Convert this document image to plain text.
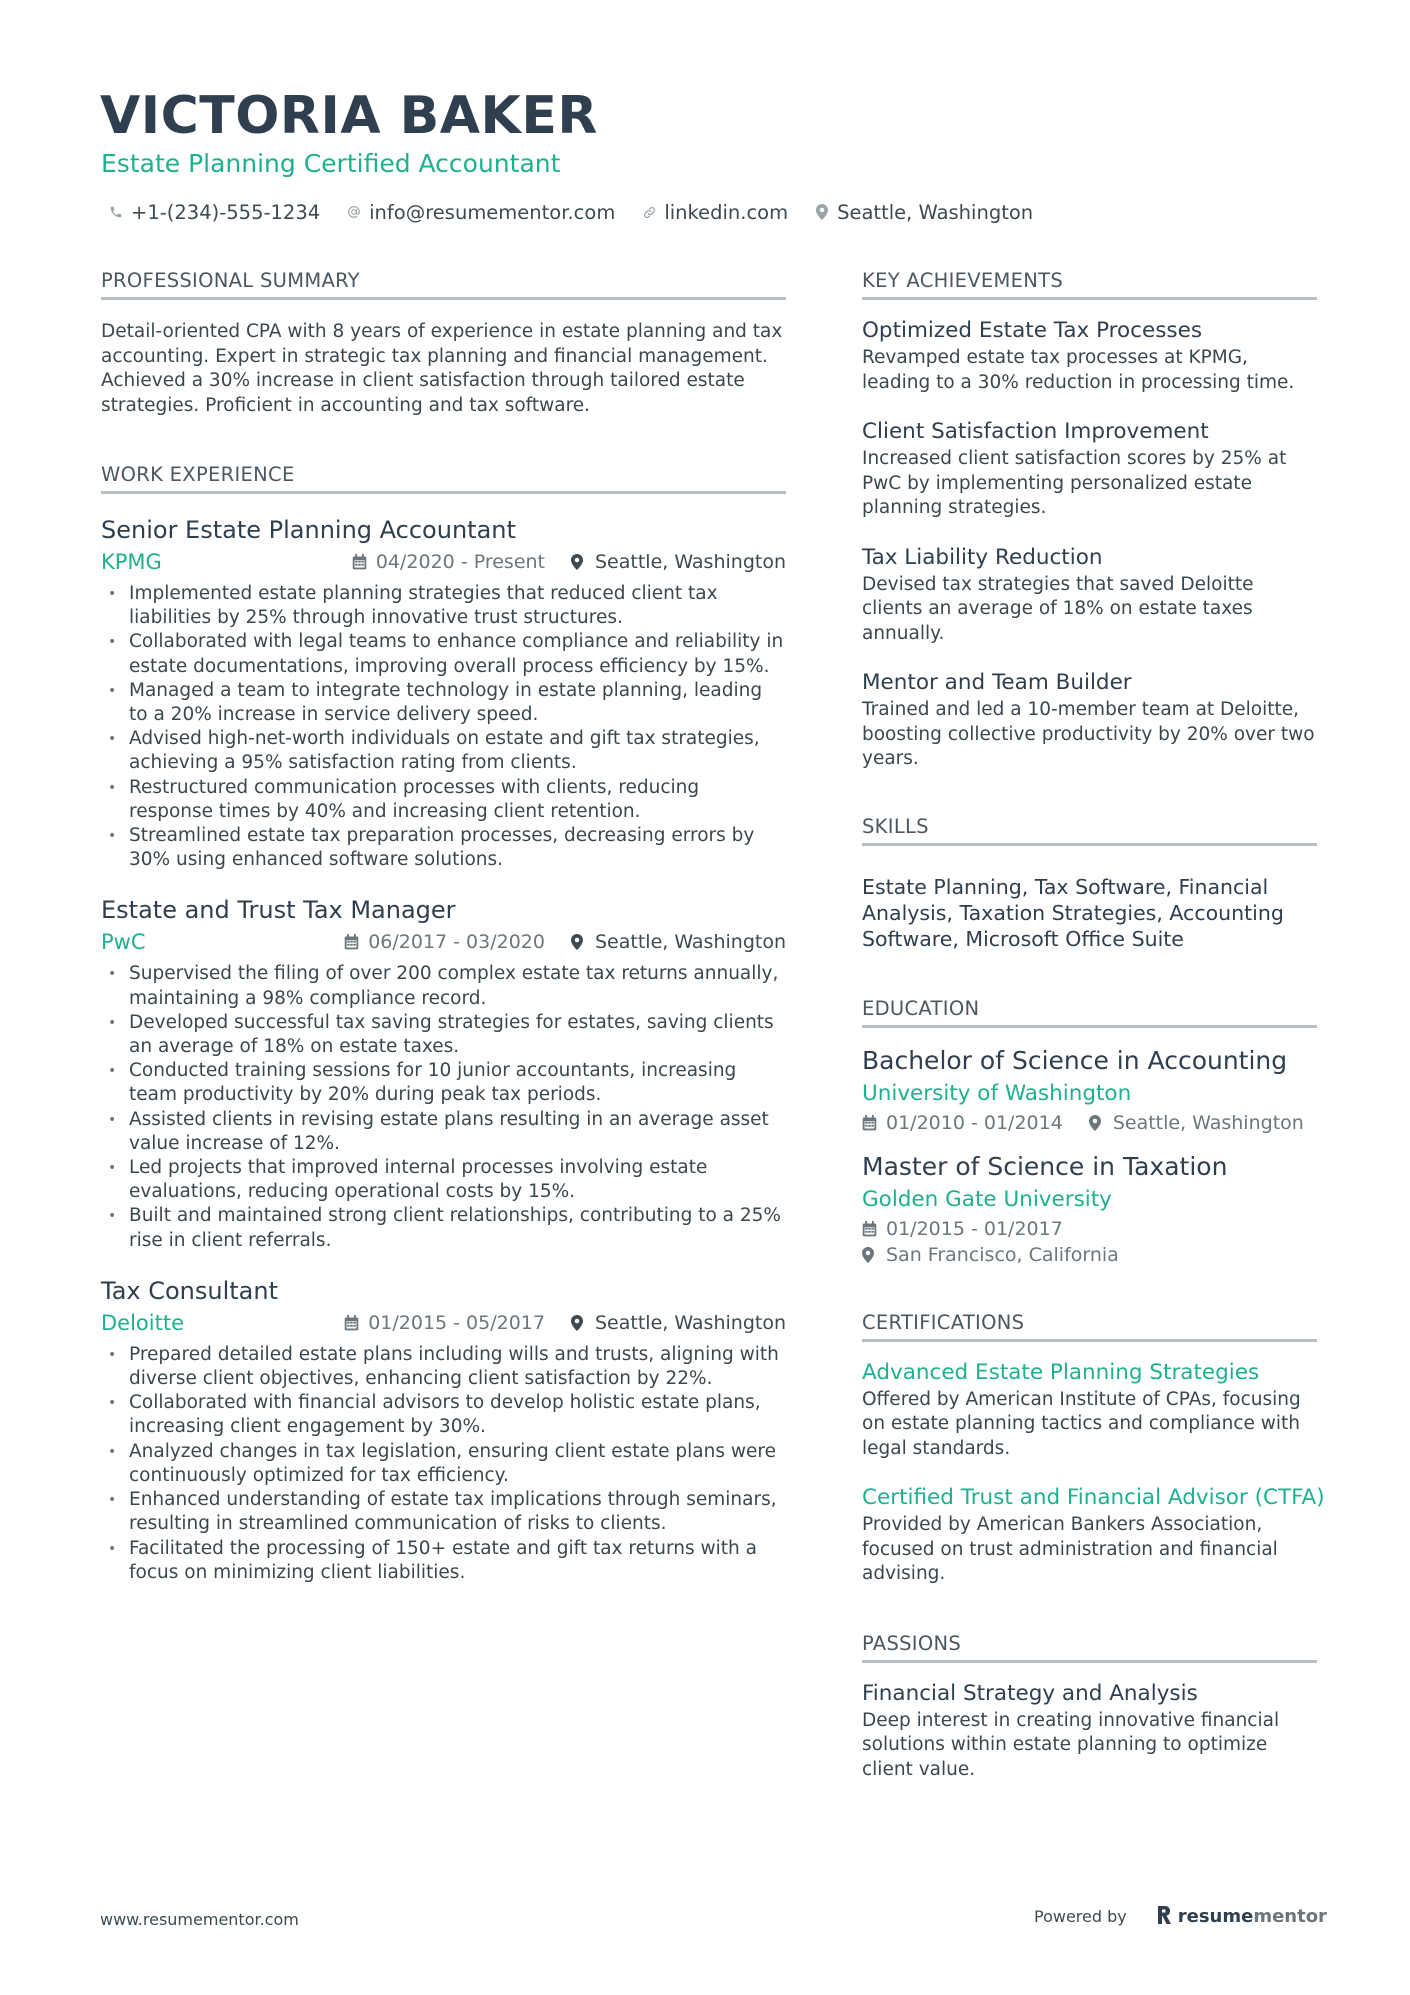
VICTORIA BAKER
Estate Planning Certified Accountant
+1-(234)-555-1234	info@resumementor.com	linkedin.com	Seattle, Washington
PROFESSIONAL SUMMARY
Detail-oriented CPA with 8 years of experience in estate planning and tax accounting. Expert in strategic tax planning and financial management. Achieved a 30% increase in client satisfaction through tailored estate strategies. Proficient in accounting and tax software.
WORK EXPERIENCE
Senior Estate Planning Accountant
KPMG	04/2020 - Present	Seattle, Washington
• Implemented estate planning strategies that reduced client tax liabilities by 25% through innovative trust structures.
• Collaborated with legal teams to enhance compliance and reliability in estate documentations, improving overall process efficiency by 15%.
• Managed a team to integrate technology in estate planning, leading to a 20% increase in service delivery speed.
• Advised high-net-worth individuals on estate and gift tax strategies, achieving a 95% satisfaction rating from clients.
• Restructured communication processes with clients, reducing response times by 40% and increasing client retention.
• Streamlined estate tax preparation processes, decreasing errors by 30% using enhanced software solutions.
Estate and Trust Tax Manager
PwC	06/2017 - 03/2020	Seattle, Washington
• Supervised the filing of over 200 complex estate tax returns annually, maintaining a 98% compliance record.
• Developed successful tax saving strategies for estates, saving clients an average of 18% on estate taxes.
• Conducted training sessions for 10 junior accountants, increasing team productivity by 20% during peak tax periods.
• Assisted clients in revising estate plans resulting in an average asset value increase of 12%.
• Led projects that improved internal processes involving estate evaluations, reducing operational costs by 15%.
• Built and maintained strong client relationships, contributing to a 25% rise in client referrals.
Tax Consultant
Deloitte	01/2015 - 05/2017	Seattle, Washington
• Prepared detailed estate plans including wills and trusts, aligning with diverse client objectives, enhancing client satisfaction by 22%.
• Collaborated with financial advisors to develop holistic estate plans, increasing client engagement by 30%.
• Analyzed changes in tax legislation, ensuring client estate plans were continuously optimized for tax efficiency.
• Enhanced understanding of estate tax implications through seminars, resulting in streamlined communication of risks to clients.
• Facilitated the processing of 150+ estate and gift tax returns with a focus on minimizing client liabilities.
KEY ACHIEVEMENTS
Optimized Estate Tax Processes
Revamped estate tax processes at KPMG, leading to a 30% reduction in processing time.
Client Satisfaction Improvement
Increased client satisfaction scores by 25% at PwC by implementing personalized estate planning strategies.
Tax Liability Reduction
Devised tax strategies that saved Deloitte clients an average of 18% on estate taxes annually.
Mentor and Team Builder
Trained and led a 10-member team at Deloitte, boosting collective productivity by 20% over two years.
SKILLS
Estate Planning, Tax Software, Financial Analysis, Taxation Strategies, Accounting Software, Microsoft Office Suite
EDUCATION
Bachelor of Science in Accounting
University of Washington
01/2010 - 01/2014	Seattle, Washington
Master of Science in Taxation
Golden Gate University
01/2015 - 01/2017
San Francisco, California
CERTIFICATIONS
Advanced Estate Planning Strategies
Offered by American Institute of CPAs, focusing on estate planning tactics and compliance with legal standards.
Certified Trust and Financial Advisor (CTFA)
Provided by American Bankers Association, focused on trust administration and financial advising.
PASSIONS
Financial Strategy and Analysis
Deep interest in creating innovative financial solutions within estate planning to optimize client value.
www.resumementor.com	Powered by	resume mentor
